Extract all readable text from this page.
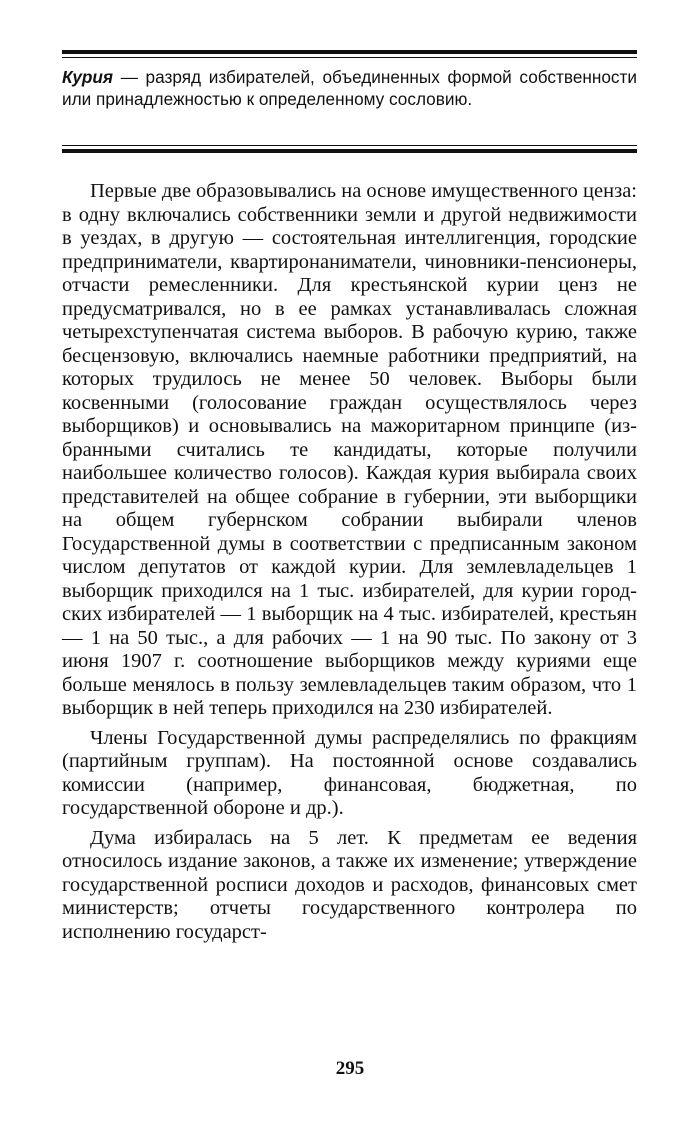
Курия — разряд избирателей, объединенных формой собственности или принадлежностью к определенному сословию.

Первые две образовывались на основе имущественного ценза: в одну включались собственники земли и другой недвижимости в уездах, в другую — состоятельная интеллигенция, городские предприниматели, квартиронаниматели, чиновники-пенсионеры, отчасти ремесленники. Для крестьянской курии ценз не предусматривался, но в ее рамках устанавливалась сложная четырехступенчатая система выборов. В рабочую курию, также бесцензовую, включались наемные работники предприятий, на которых трудилось не менее 50 человек. Выборы были косвенными (голосование граждан осуществлялось через выборщиков) и основывались на мажоритарном принципе (избранными считались те кандидаты, которые получили наибольшее количество голосов). Каждая курия выбирала своих представителей на общее собрание в губернии, эти выборщики на общем губернском собрании выбирали членов Государственной думы в соответствии с предписанным законом числом депутатов от каждой курии. Для землевладельцев 1 выборщик приходился на 1 тыс. избирателей, для курии городских избирателей — 1 выборщик на 4 тыс. избирателей, крестьян — 1 на 50 тыс., а для рабочих — 1 на 90 тыс. По закону от 3 июня 1907 г. соотношение выборщиков между куриями еще больше менялось в пользу землевладельцев таким образом, что 1 выборщик в ней теперь приходился на 230 избирателей.

Члены Государственной думы распределялись по фракциям (партийным группам). На постоянной основе создавались комиссии (например, финансовая, бюджетная, по государственной обороне и др.).

Дума избиралась на 5 лет. К предметам ее ведения относилось издание законов, а также их изменение; утверждение государственной росписи доходов и расходов, финансовых смет министерств; отчеты государственного контролера по исполнению государст-

295
